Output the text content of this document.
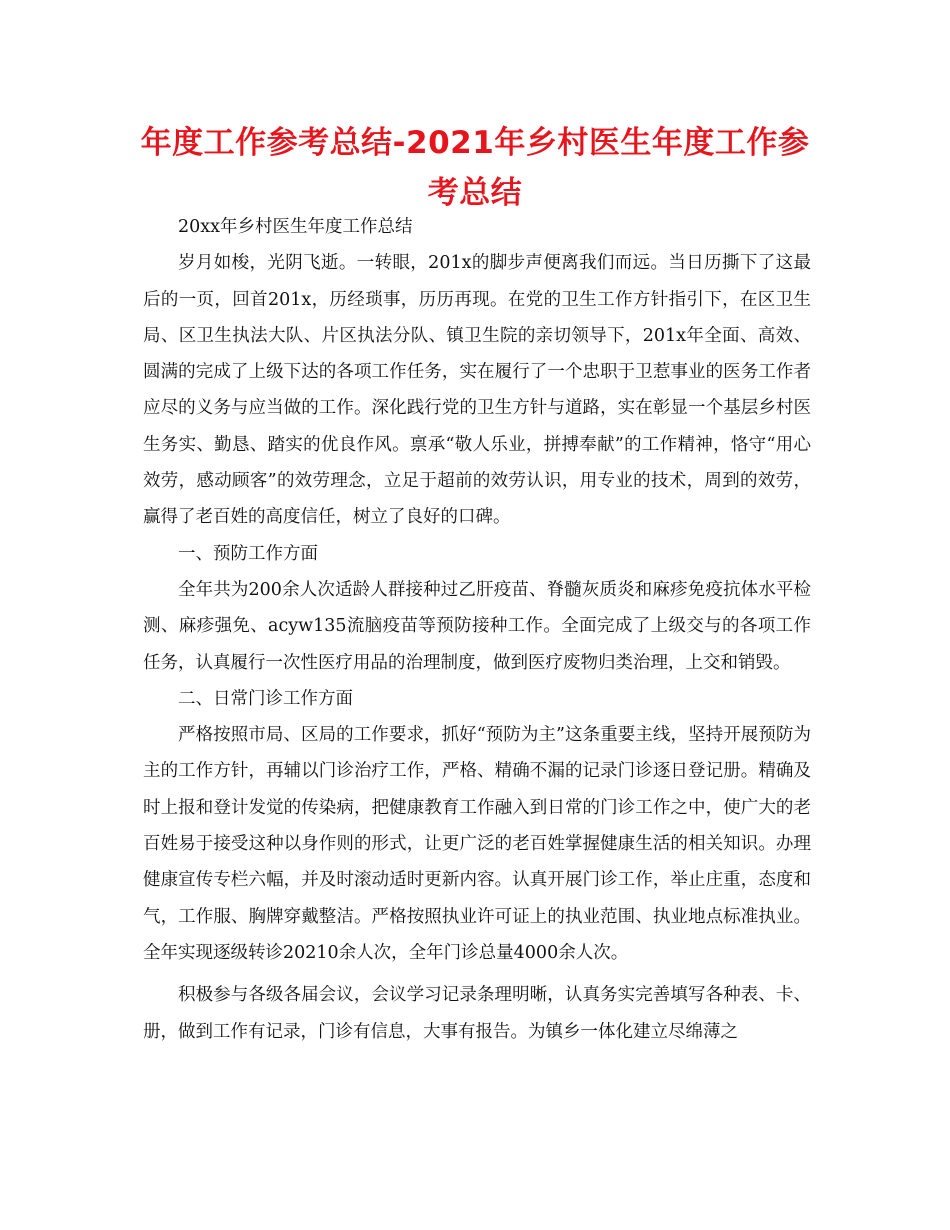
年度工作参考总结-2021年乡村医生年度工作参考总结

20xx年乡村医生年度工作总结

岁月如梭，光阴飞逝。一转眼，201x的脚步声便离我们而远。当日历撕下了这最后的一页，回首201x，历经琐事，历历再现。在党的卫生工作方针指引下，在区卫生局、区卫生执法大队、片区执法分队、镇卫生院的亲切领导下，201x年全面、高效、圆满的完成了上级下达的各项工作任务，实在履行了一个忠职于卫惹事业的医务工作者应尽的义务与应当做的工作。深化践行党的卫生方针与道路，实在彰显一个基层乡村医生务实、勤恳、踏实的优良作风。禀承“敬人乐业，拼搏奉献”的工作精神，恪守“用心效劳，感动顾客”的效劳理念，立足于超前的效劳认识，用专业的技术，周到的效劳，赢得了老百姓的高度信任，树立了良好的口碑。

一、预防工作方面

全年共为200余人次适龄人群接种过乙肝疫苗、脊髓灰质炎和麻疹免疫抗体水平检测、麻疹强免、acyw135流脑疫苗等预防接种工作。全面完成了上级交与的各项工作任务，认真履行一次性医疗用品的治理制度，做到医疗废物归类治理，上交和销毁。

二、日常门诊工作方面

严格按照市局、区局的工作要求，抓好“预防为主”这条重要主线，坚持开展预防为主的工作方针，再辅以门诊治疗工作，严格、精确不漏的记录门诊逐日登记册。精确及时上报和登计发觉的传染病，把健康教育工作融入到日常的门诊工作之中，使广大的老百姓易于接受这种以身作则的形式，让更广泛的老百姓掌握健康生活的相关知识。办理健康宣传专栏六幅，并及时滚动适时更新内容。认真开展门诊工作，举止庄重，态度和气，工作服、胸牌穿戴整洁。严格按照执业许可证上的执业范围、执业地点标准执业。全年实现逐级转诊20210余人次，全年门诊总量4000余人次。

积极参与各级各届会议，会议学习记录条理明晰，认真务实完善填写各种表、卡、册，做到工作有记录，门诊有信息，大事有报告。为镇乡一体化建立尽绵薄之
